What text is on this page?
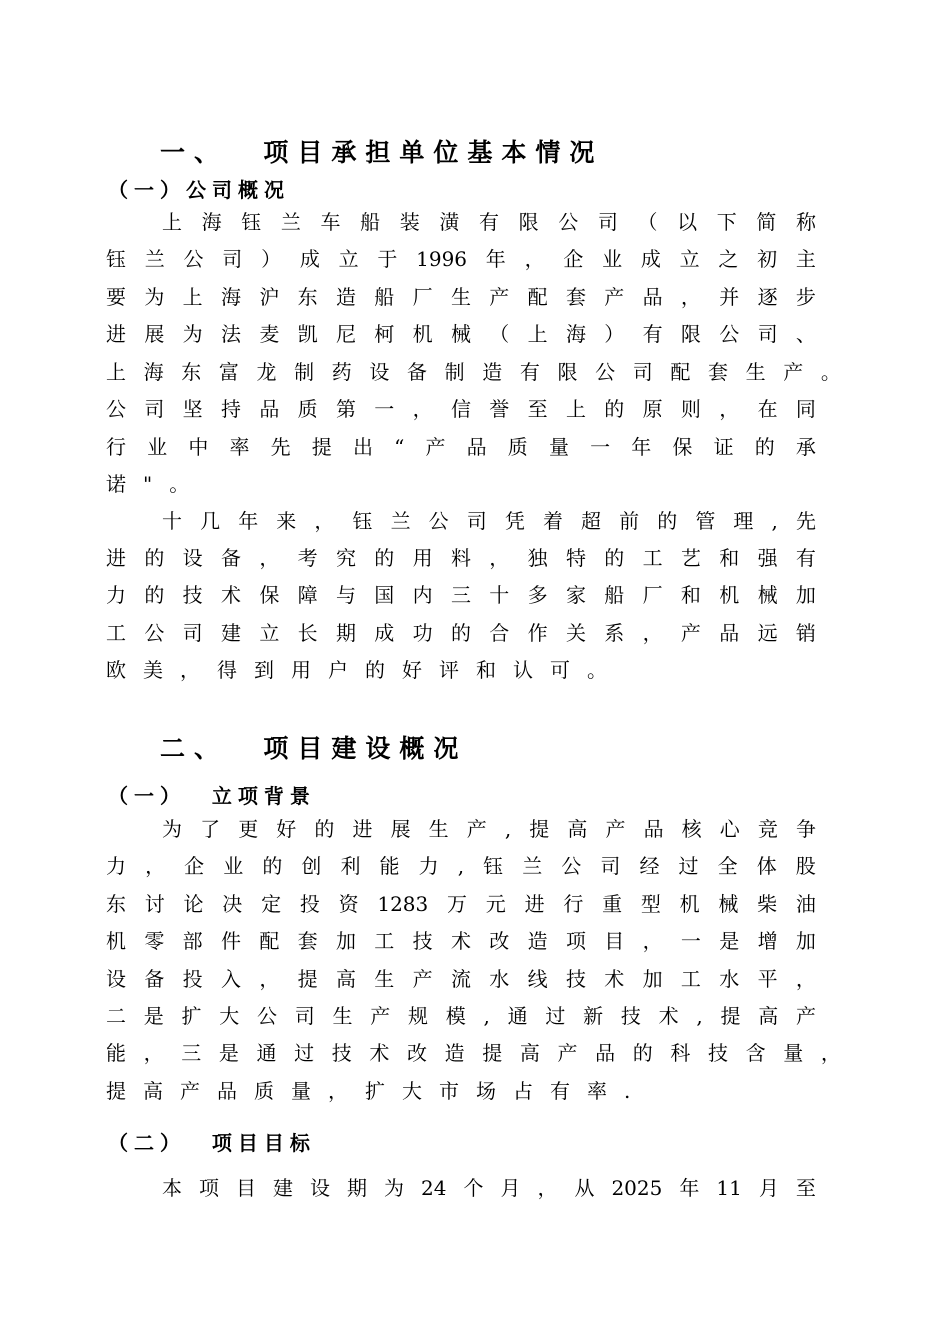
一、  项目承担单位基本情况
（一）公司概况
上 海 钰 兰 车 船 装 潢 有 限 公 司 （ 以 下 简 称
钰 兰 公 司 ） 成 立 于 1996 年 ， 企 业 成 立 之 初 主
要 为 上 海 沪 东 造 船 厂 生 产 配 套 产 品 ， 并 逐 步
进 展 为 法 麦 凯 尼 柯 机 械 （ 上 海 ） 有 限 公 司 、
上 海 东 富 龙 制 药 设 备 制 造 有 限 公 司 配 套 生 产 。
公 司 坚 持 品 质 第 一 ， 信 誉 至 上 的 原 则 ， 在 同
行 业 中 率 先 提 出 “ 产 品 质 量 一 年 保 证 的 承
诺 " 。
十 几 年 来 ， 钰 兰 公 司 凭 着 超 前 的 管 理 , 先
进 的 设 备 ， 考 究 的 用 料 ， 独 特 的 工 艺 和 强 有
力 的 技 术 保 障 与 国 内 三 十 多 家 船 厂 和 机 械 加
工 公 司 建 立 长 期 成 功 的 合 作 关 系 ， 产 品 远 销
欧 美 ， 得 到 用 户 的 好 评 和 认 可 。
二、  项目建设概况
（一）  立项背景
为 了 更 好 的 进 展 生 产 , 提 高 产 品 核 心 竞 争
力 ， 企 业 的 创 利 能 力 , 钰 兰 公 司 经 过 全 体 股
东 讨 论 决 定 投 资 1283 万 元 进 行 重 型 机 械 柴 油
机 零 部 件 配 套 加 工 技 术 改 造 项 目 ， 一 是 增 加
设 备 投 入 ， 提 高 生 产 流 水 线 技 术 加 工 水 平 ，
二 是 扩 大 公 司 生 产 规 模 , 通 过 新 技 术 , 提 高 产
能 ， 三 是 通 过 技 术 改 造 提 高 产 品 的 科 技 含 量 ，
提 高 产 品 质 量 ， 扩 大 市 场 占 有 率 .
（二）  项目目标
本 项 目 建 设 期 为 24 个 月 ， 从 2025 年 11 月 至
